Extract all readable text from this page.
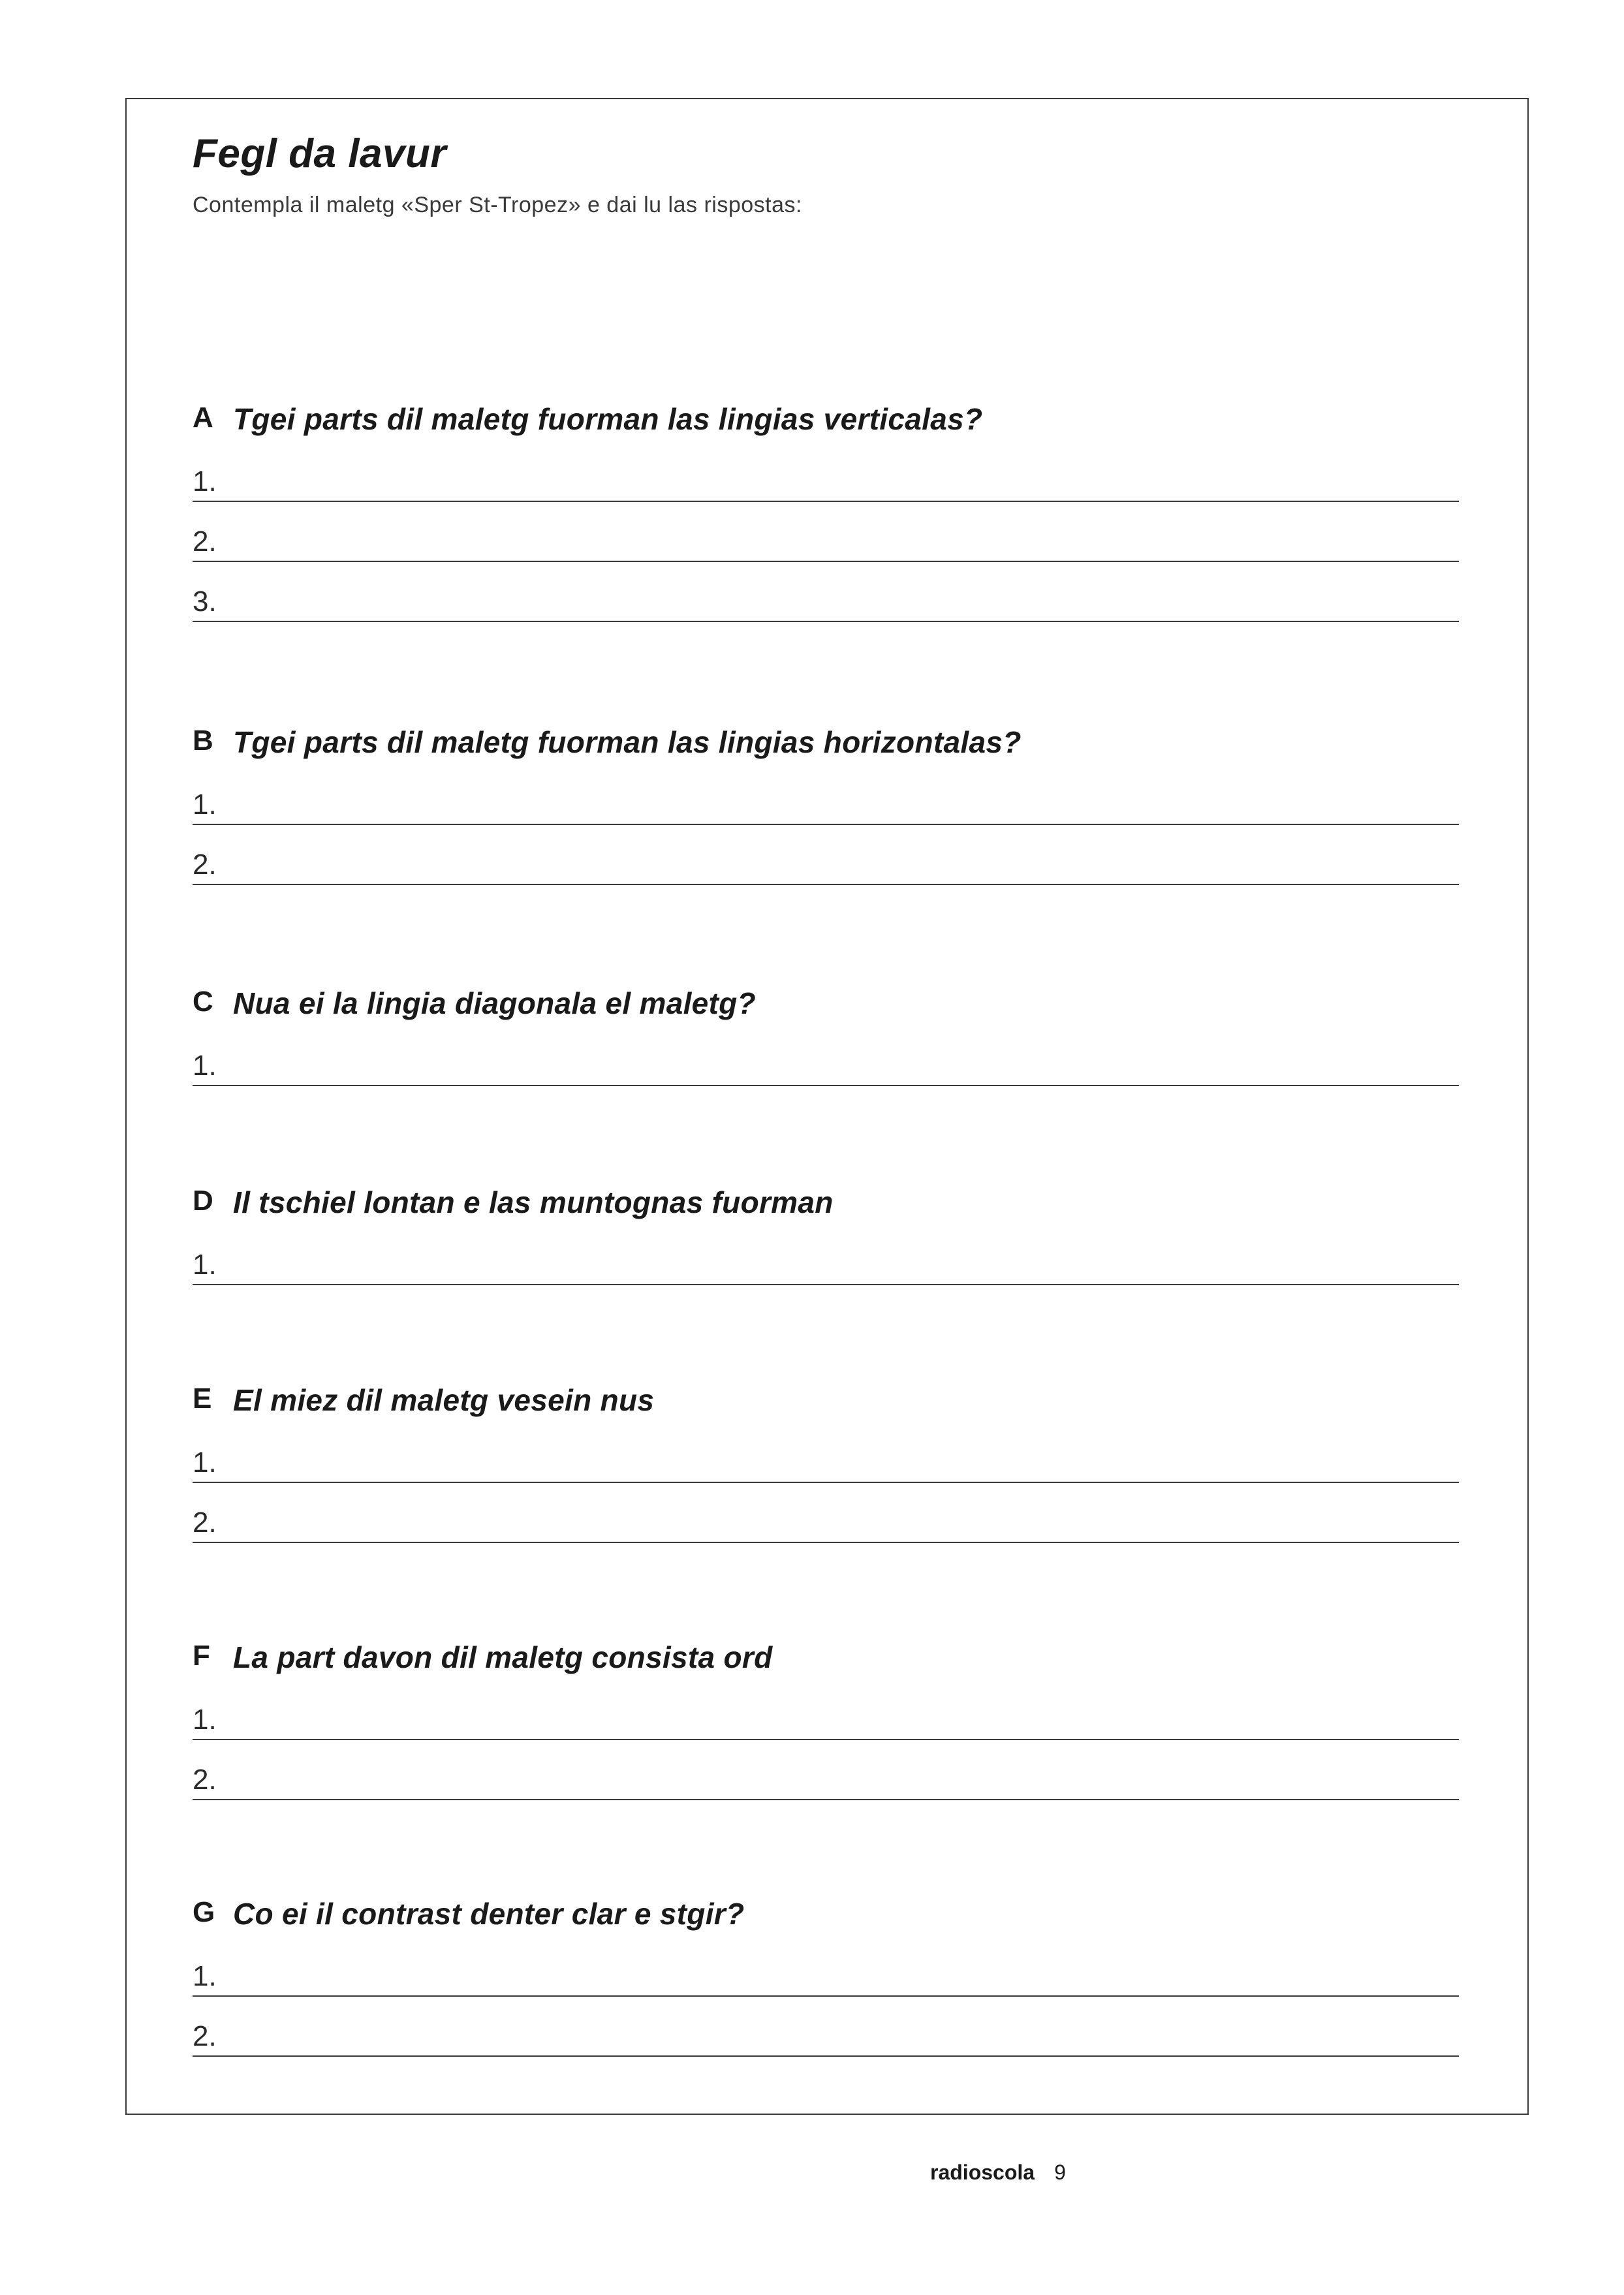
Fegl da lavur

Contempla il maletg «Sper St-Tropez» e dai lu las rispostas:

A Tgei parts dil maletg fuorman las lingias verticalas?
1.
2.
3.
B Tgei parts dil maletg fuorman las lingias horizontalas?
1.
2.
C Nua ei la lingia diagonala el maletg?
1.
D Il tschiel lontan e las muntognas fuorman
1.
E El miez dil maletg vesein nus
1.
2.
F La part davon dil maletg consista ord
1.
2.
G Co ei il contrast denter clar e stgir?
1.
2.
radioscola 9
